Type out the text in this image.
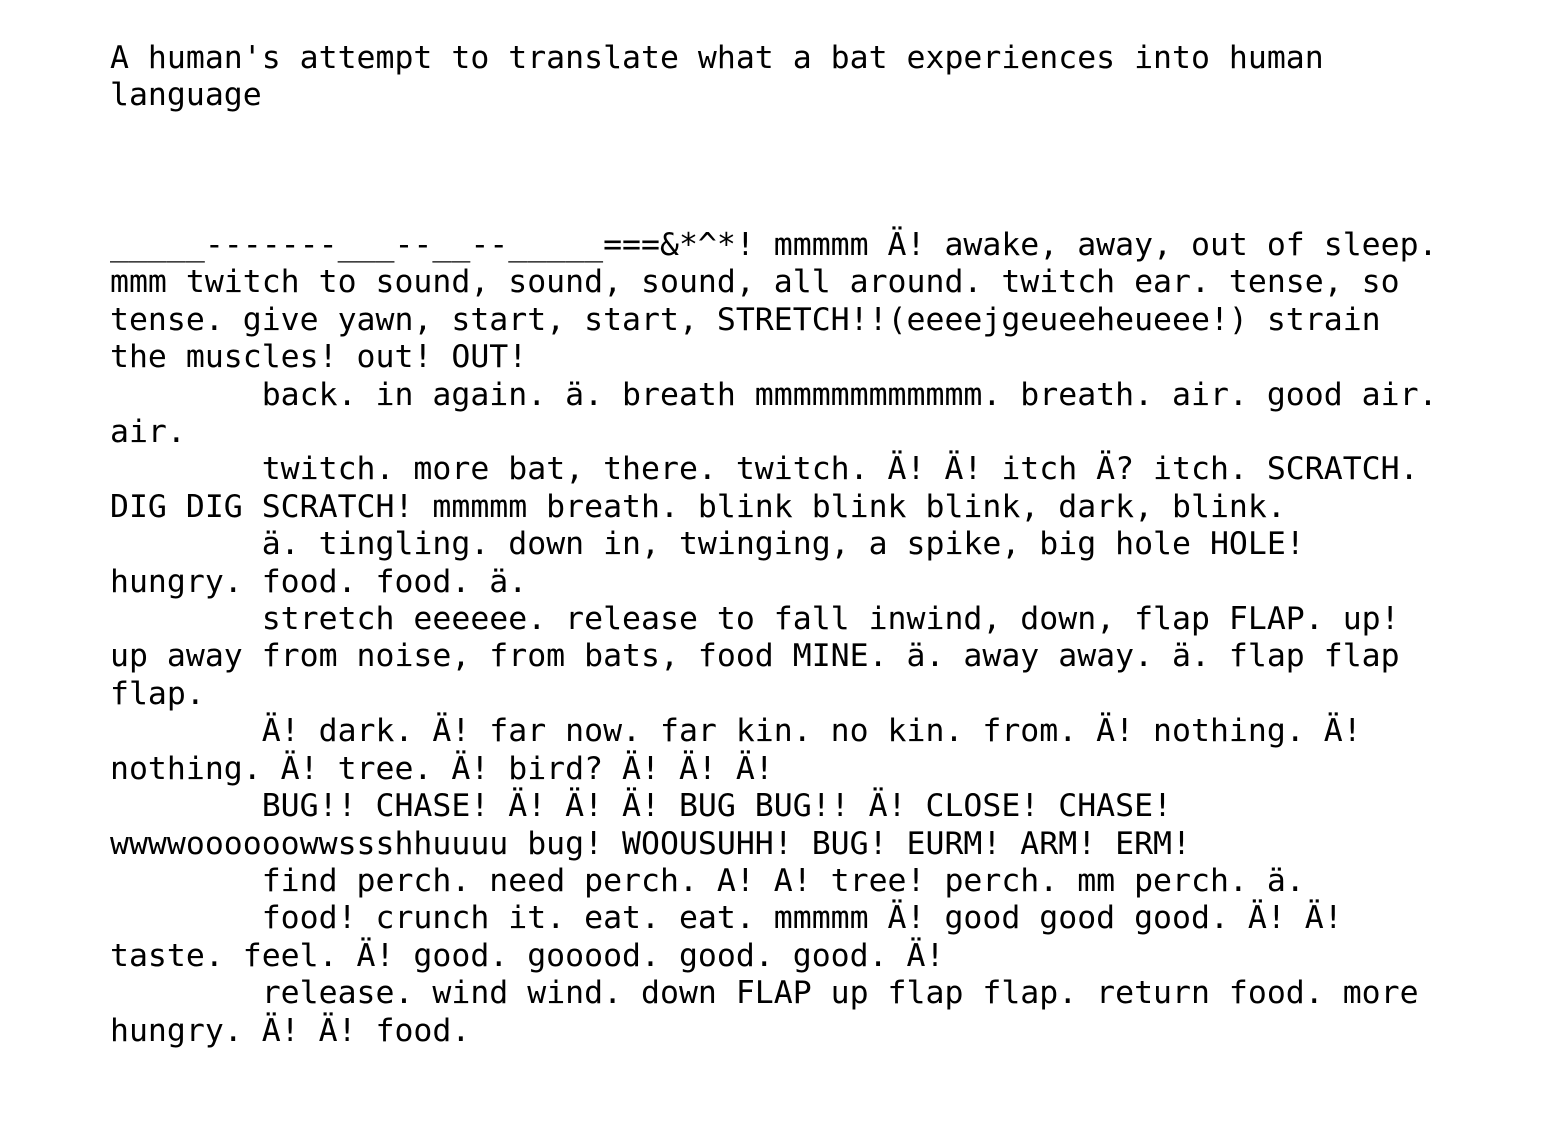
A human's attempt to translate what a bat experiences into human language

_____-------___--__--_____===&*^*! mmmmm Ä! awake, away, out of sleep. mmm twitch to sound, sound, sound, all around. twitch ear. tense, so tense. give yawn, start, start, STRETCH!!(eeeejgeueeheueee!) strain the muscles! out! OUT!

back. in again. ä. breath mmmmmmmmmmmm. breath. air. good air. air.

twitch. more bat, there. twitch. Ä! Ä! itch Ä? itch. SCRATCH. DIG DIG SCRATCH! mmmmm breath. blink blink blink, dark, blink.

ä. tingling. down in, twinging, a spike, big hole HOLE! hungry. food. food. ä.

stretch eeeeee. release to fall inwind, down, flap FLAP. up! up away from noise, from bats, food MINE. ä. away away. ä. flap flap flap.

Ä! dark. Ä! far now. far kin. no kin. from. Ä! nothing. Ä! nothing. Ä! tree. Ä! bird? Ä! Ä! Ä!

BUG!! CHASE! Ä! Ä! Ä! BUG BUG!! Ä! CLOSE! CHASE! wwwwoooooowwssshhuuuu bug! WOOUSUHH! BUG! EURM! ARM! ERM!

find perch. need perch. A! A! tree! perch. mm perch. ä.

food! crunch it. eat. eat. mmmmm Ä! good good good. Ä! Ä! taste. feel. Ä! good. gooood. good. good. Ä!

release. wind wind. down FLAP up flap flap. return food. more hungry. Ä! Ä! food.
